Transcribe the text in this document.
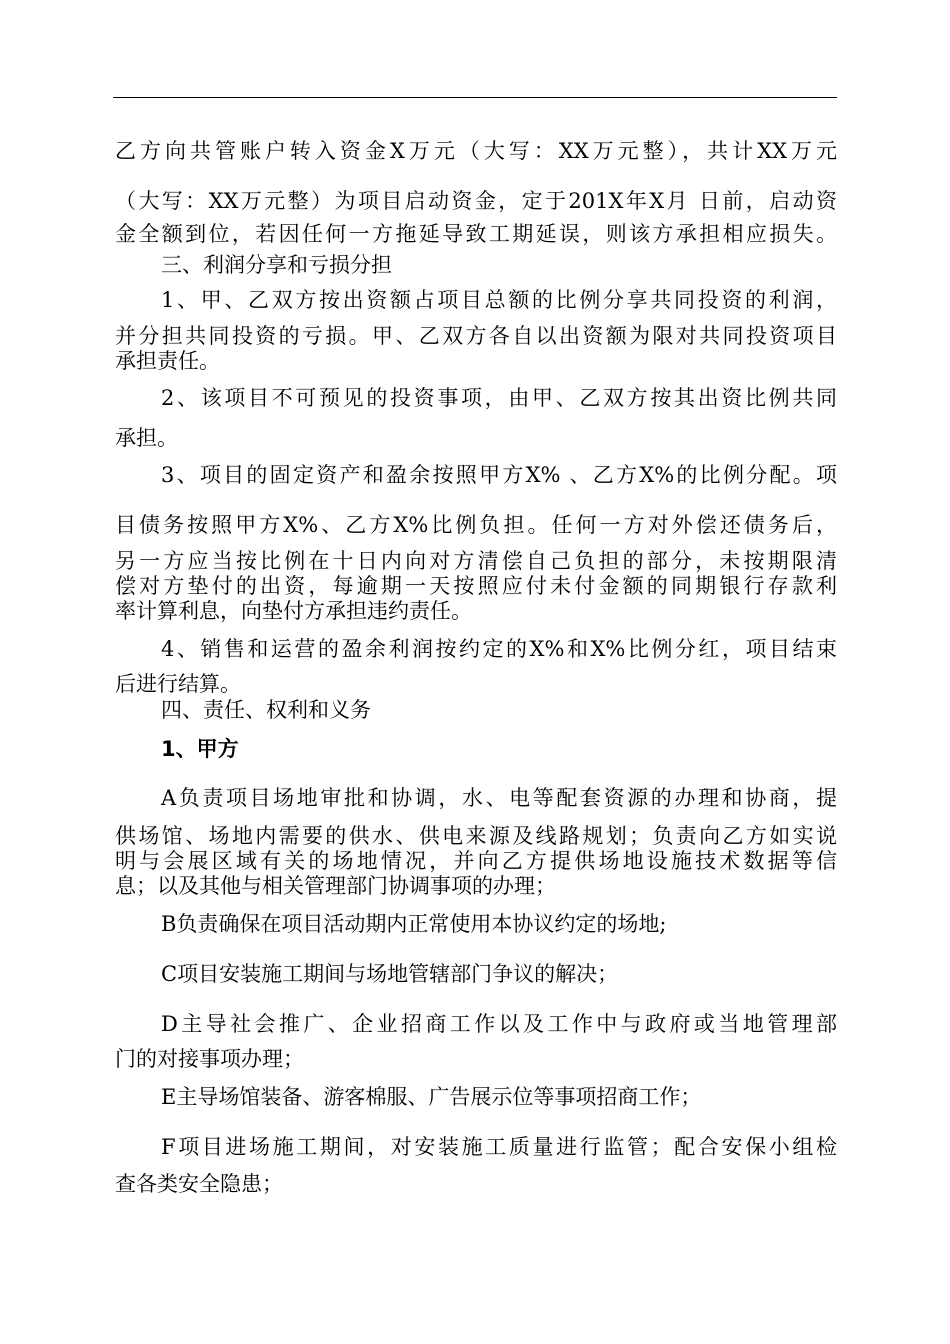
乙方向共管账户转入资金X万元（大写：XX万元整），共计XX万元
（大写：XX万元整）为项目启动资金，定于201X年X月 日前，启动资
金全额到位，若因任何一方拖延导致工期延误，则该方承担相应损失。
三、利润分享和亏损分担
1、甲、乙双方按出资额占项目总额的比例分享共同投资的利润，
并分担共同投资的亏损。甲、乙双方各自以出资额为限对共同投资项目
承担责任。
2、该项目不可预见的投资事项，由甲、乙双方按其出资比例共同
承担。
3、项目的固定资产和盈余按照甲方X% 、乙方X%的比例分配。项
目债务按照甲方X%、乙方X%比例负担。任何一方对外偿还债务后，
另一方应当按比例在十日内向对方清偿自己负担的部分，未按期限清
偿对方垫付的出资，每逾期一天按照应付未付金额的同期银行存款利
率计算利息，向垫付方承担违约责任。
4、销售和运营的盈余利润按约定的X%和X%比例分红，项目结束
后进行结算。
四、责任、权利和义务
1、甲方
A负责项目场地审批和协调，水、电等配套资源的办理和协商，提
供场馆、场地内需要的供水、供电来源及线路规划；负责向乙方如实说
明与会展区域有关的场地情况，并向乙方提供场地设施技术数据等信
息；以及其他与相关管理部门协调事项的办理；
B负责确保在项目活动期内正常使用本协议约定的场地;
C项目安装施工期间与场地管辖部门争议的解决；
D主导社会推广、企业招商工作以及工作中与政府或当地管理部
门的对接事项办理；
E主导场馆装备、游客棉服、广告展示位等事项招商工作；
F项目进场施工期间，对安装施工质量进行监管；配合安保小组检
查各类安全隐患；
